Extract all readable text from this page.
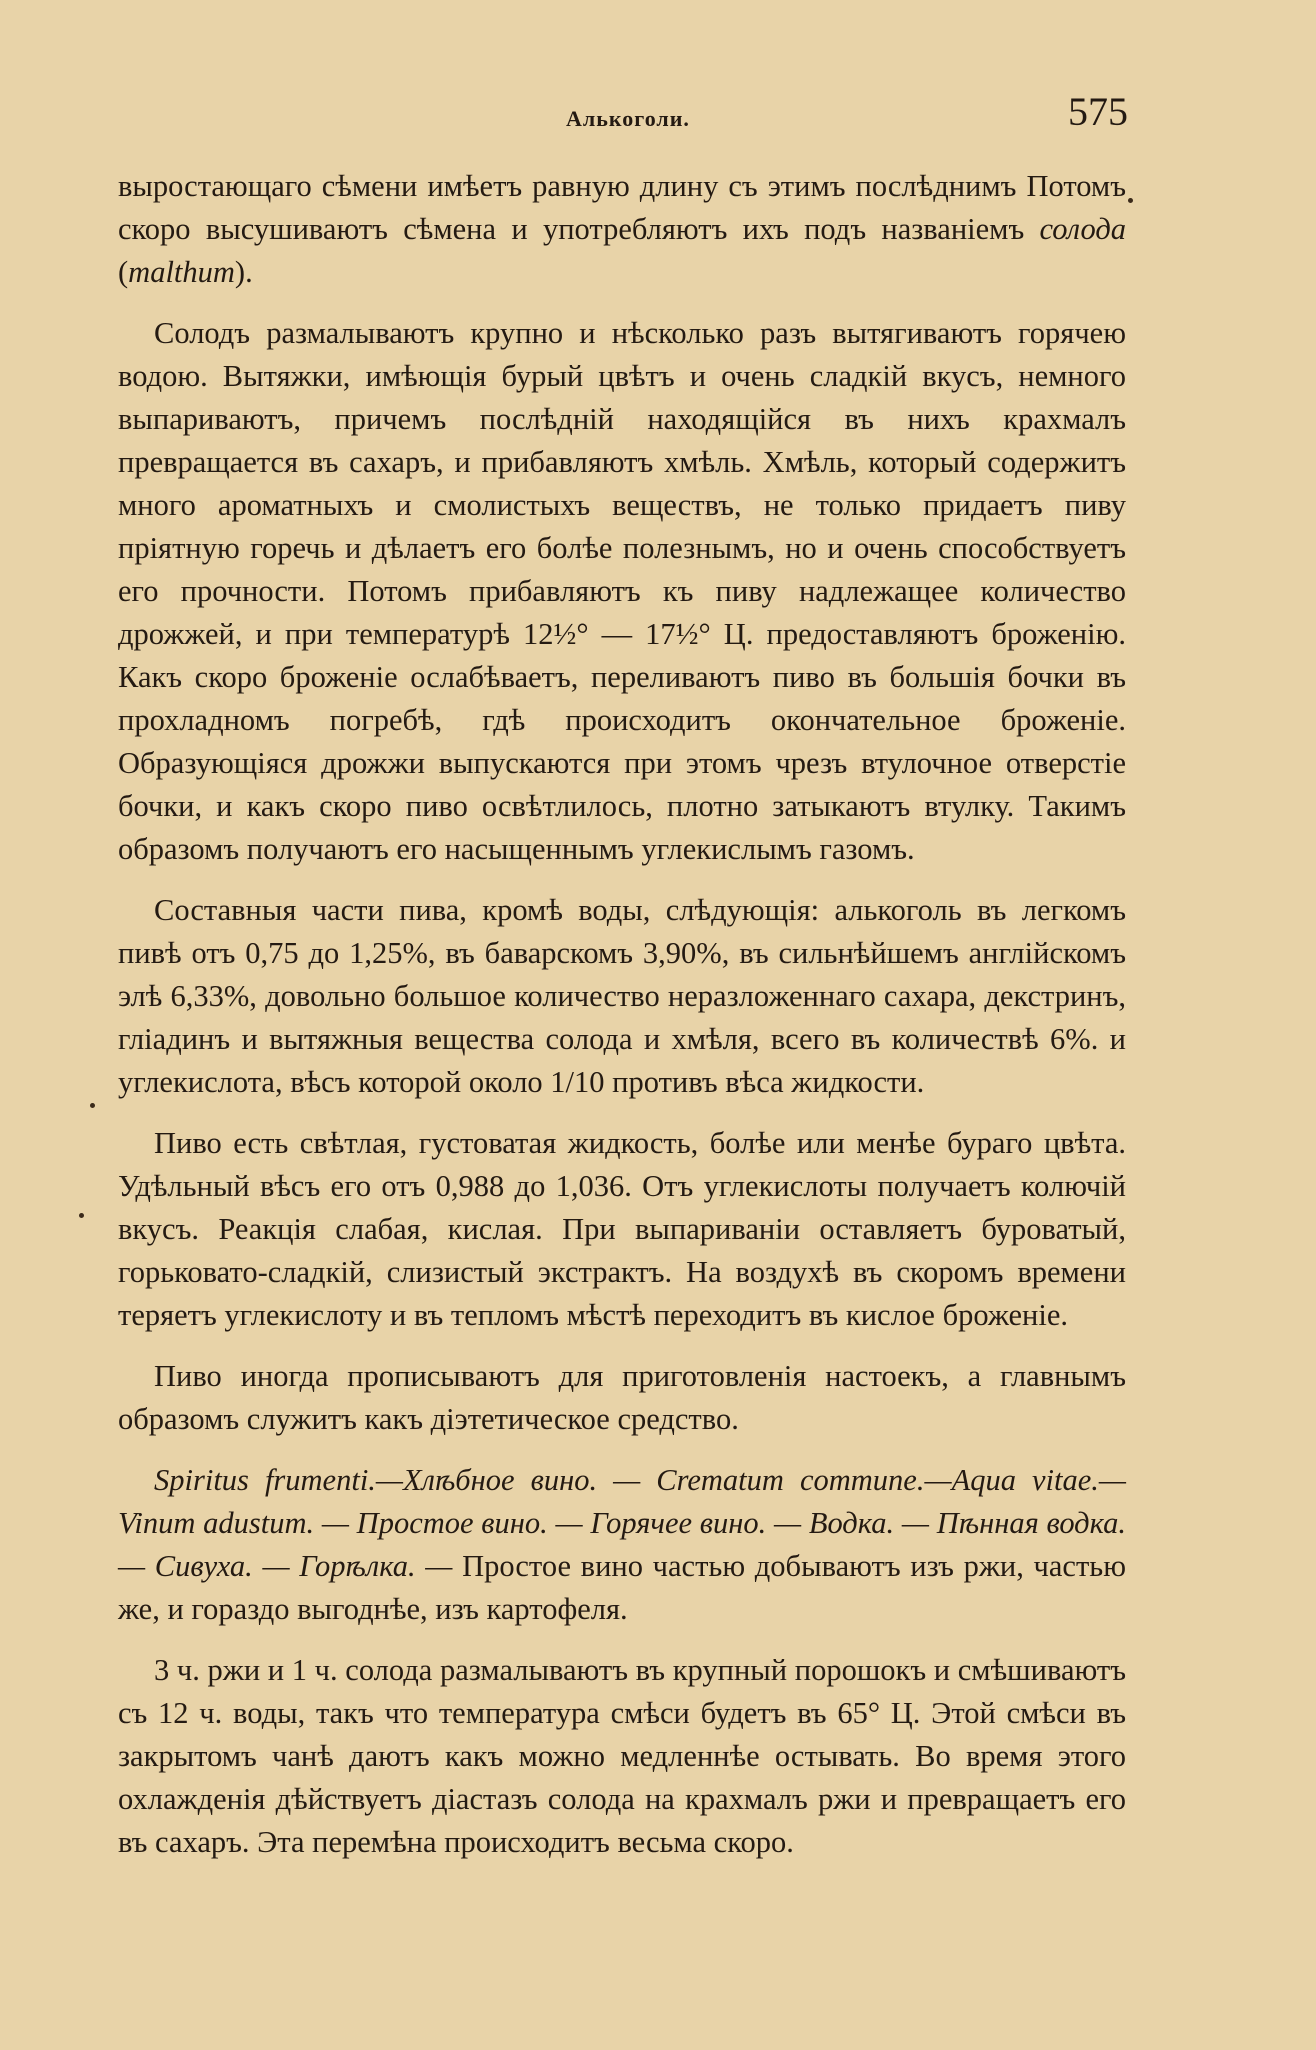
Алькоголи.	575

выростающаго сѣмени имѣетъ равную длину съ этимъ послѣднимъ Потомъ скоро высушиваютъ сѣмена и употребляютъ ихъ подъ названіемъ солода (malthum).

Солодъ размалываютъ крупно и нѣсколько разъ вытягиваютъ горячею водою. Вытяжки, имѣющія бурый цвѣтъ и очень сладкій вкусъ, немного выпариваютъ, причемъ послѣдній находящійся въ нихъ крахмалъ превращается въ сахаръ, и прибавляютъ хмѣль. Хмѣль, который содержитъ много ароматныхъ и смолистыхъ веществъ, не только придаетъ пиву пріятную горечь и дѣлаетъ его болѣе полезнымъ, но и очень способствуетъ его прочности. Потомъ прибавляютъ къ пиву надлежащее количество дрожжей, и при температурѣ 12½° — 17½° Ц. предоставляютъ броженію. Какъ скоро броженіе ослабѣваетъ, переливаютъ пиво въ большія бочки въ прохладномъ погребѣ, гдѣ происходитъ окончательное броженіе. Образующіяся дрожжи выпускаются при этомъ чрезъ втулочное отверстіе бочки, и какъ скоро пиво освѣтлилось, плотно затыкаютъ втулку. Такимъ образомъ получаютъ его насыщеннымъ углекислымъ газомъ.

Составныя части пива, кромѣ воды, слѣдующія: алькоголь въ легкомъ пивѣ отъ 0,75 до 1,25%, въ баварскомъ 3,90%, въ сильнѣйшемъ англійскомъ элѣ 6,33%, довольно большое количество неразложеннаго сахара, декстринъ, гліадинъ и вытяжныя вещества солода и хмѣля, всего въ количествѣ 6%. и углекислота, вѣсъ которой около 1/10 противъ вѣса жидкости.

Пиво есть свѣтлая, густоватая жидкость, болѣе или менѣе бураго цвѣта. Удѣльный вѣсъ его отъ 0,988 до 1,036. Отъ углекислоты получаетъ колючій вкусъ. Реакція слабая, кислая. При выпариваніи оставляетъ буроватый, горьковато-сладкій, слизистый экстрактъ. На воздухѣ въ скоромъ времени теряетъ углекислоту и въ тепломъ мѣстѣ переходитъ въ кислое броженіе.

Пиво иногда прописываютъ для приготовленія настоекъ, а главнымъ образомъ служитъ какъ діэтетическое средство.

Spiritus frumenti.—Хлѣбное вино. — Crematum commune.—Aqua vitae.— Vinum adustum. — Простое вино. — Горячее вино. — Водка. — Пѣнная водка. — Сивуха. — Горѣлка. — Простое вино частью добываютъ изъ ржи, частью же, и гораздо выгоднѣе, изъ картофеля.

3 ч. ржи и 1 ч. солода размалываютъ въ крупный порошокъ и смѣшиваютъ съ 12 ч. воды, такъ что температура смѣси будетъ въ 65° Ц. Этой смѣси въ закрытомъ чанѣ даютъ какъ можно медленнѣе остывать. Во время этого охлажденія дѣйствуетъ діастазъ солода на крахмалъ ржи и превращаетъ его въ сахаръ. Эта перемѣна происходитъ весьма скоро.
